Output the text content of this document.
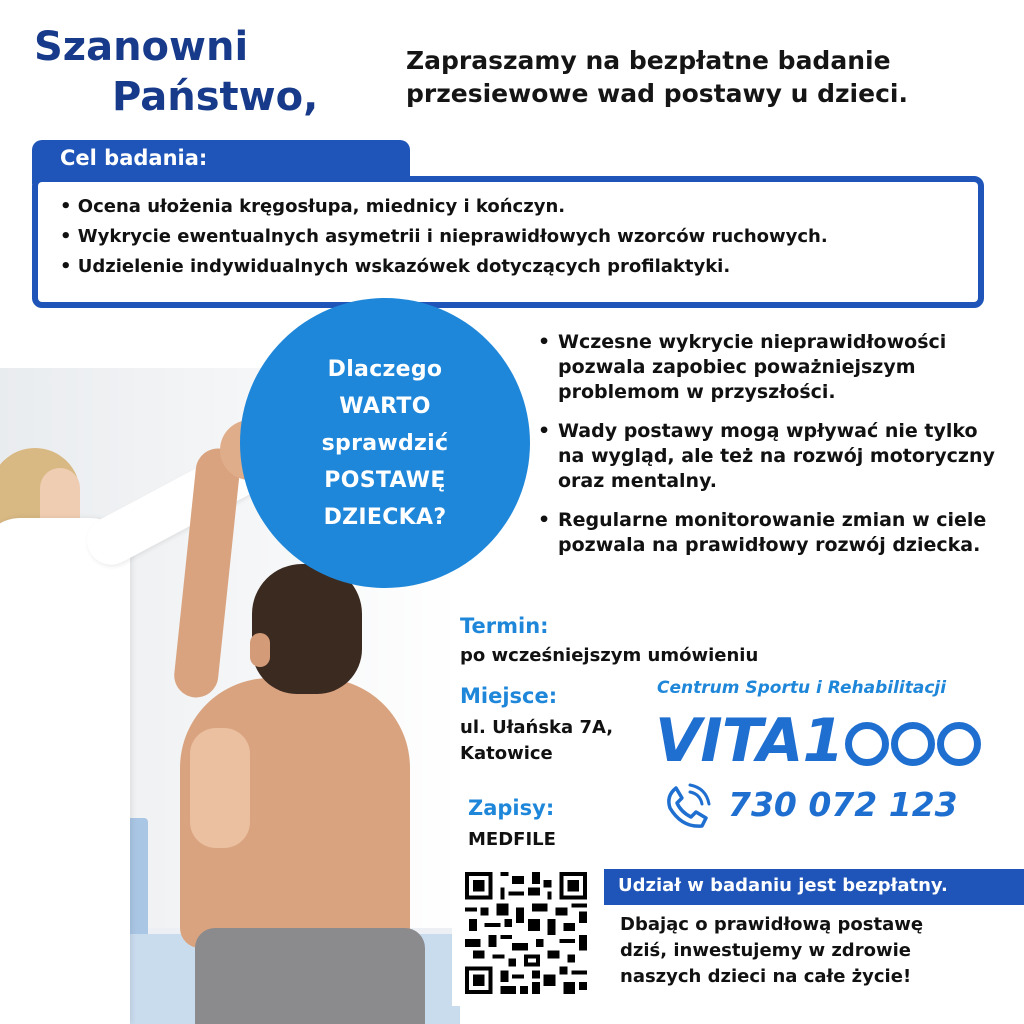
Szanowni
Państwo,
Zapraszamy na bezpłatne badanie
przesiewowe wad postawy u dzieci.
Cel badania:
• Ocena ułożenia kręgosłupa, miednicy i kończyn.
• Wykrycie ewentualnych asymetrii i nieprawidłowych wzorców ruchowych.
• Udzielenie indywidualnych wskazówek dotyczących profilaktyki.
Dlaczego
WARTO
sprawdzić
POSTAWĘ
DZIECKA?
• Wczesne wykrycie nieprawidłowości pozwala zapobiec poważniejszym problemom w przyszłości.
• Wady postawy mogą wpływać nie tylko na wygląd, ale też na rozwój motoryczny oraz mentalny.
• Regularne monitorowanie zmian w ciele pozwala na prawidłowy rozwój dziecka.
Termin:
po wcześniejszym umówieniu
Miejsce:
ul. Ułańska 7A,
Katowice
Zapisy:
MEDFILE
Centrum Sportu i Rehabilitacji
VITA1
730 072 123
Udział w badaniu jest bezpłatny.
Dbając o prawidłową postawę
dziś, inwestujemy w zdrowie
naszych dzieci na całe życie!
